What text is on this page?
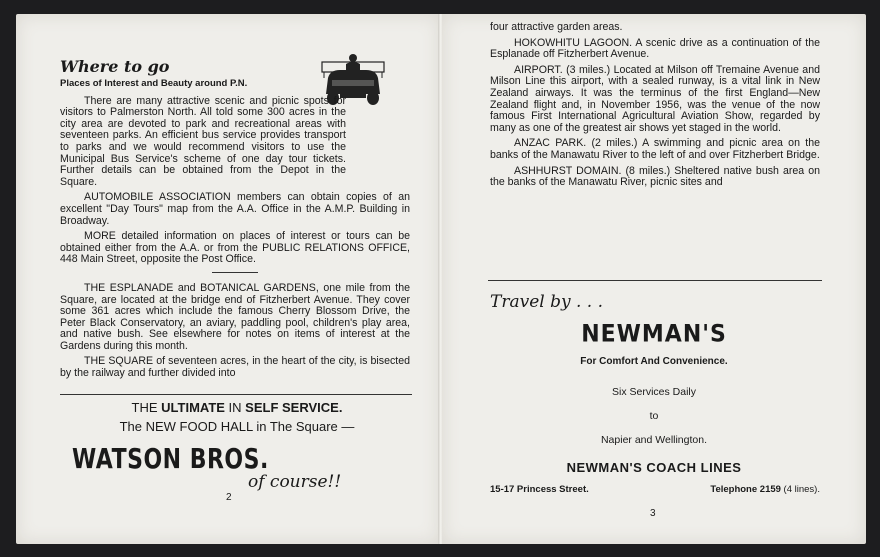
Where to go
Places of Interest and Beauty around P.N.

There are many attractive scenic and picnic spots for visitors to Palmerston North. All told some 300 acres in the city area are devoted to park and recreational areas with seventeen parks. An efficient bus service provides transport to parks and we would recommend visitors to use the Municipal Bus Service's scheme of one day tour tickets. Further details can be obtained from the Depot in the Square.

AUTOMOBILE ASSOCIATION members can obtain copies of an excellent "Day Tours" map from the A.A. Office in the A.M.P. Building in Broadway.

MORE detailed information on places of interest or tours can be obtained either from the A.A. or from the PUBLIC RELATIONS OFFICE, 448 Main Street, opposite the Post Office.

THE ESPLANADE and BOTANICAL GARDENS, one mile from the Square, are located at the bridge end of Fitzherbert Avenue. They cover some 361 acres which include the famous Cherry Blossom Drive, the Peter Black Conservatory, an aviary, paddling pool, children's play area, and native bush. See elsewhere for notes on items of interest at the Gardens during this month.

THE SQUARE of seventeen acres, in the heart of the city, is bisected by the railway and further divided into

THE ULTIMATE IN SELF SERVICE.
The NEW FOOD HALL in The Square —
WATSON BROS.
of course!!
2

four attractive garden areas.

HOKOWHITU LAGOON. A scenic drive as a continuation of the Esplanade off Fitzherbert Avenue.

AIRPORT. (3 miles.) Located at Milson off Tremaine Avenue and Milson Line this airport, with a sealed runway, is a vital link in New Zealand airways. It was the terminus of the first England—New Zealand flight and, in November 1956, was the venue of the now famous First International Agricultural Aviation Show, regarded by many as one of the greatest air shows yet staged in the world.

ANZAC PARK. (2 miles.) A swimming and picnic area on the banks of the Manawatu River to the left of and over Fitzherbert Bridge.

ASHHURST DOMAIN. (8 miles.) Sheltered native bush area on the banks of the Manawatu River, picnic sites and

Travel by . . .
NEWMAN'S
For Comfort And Convenience.
Six Services Daily
to
Napier and Wellington.
NEWMAN'S COACH LINES
15-17 Princess Street.	Telephone 2159 (4 lines).
3
